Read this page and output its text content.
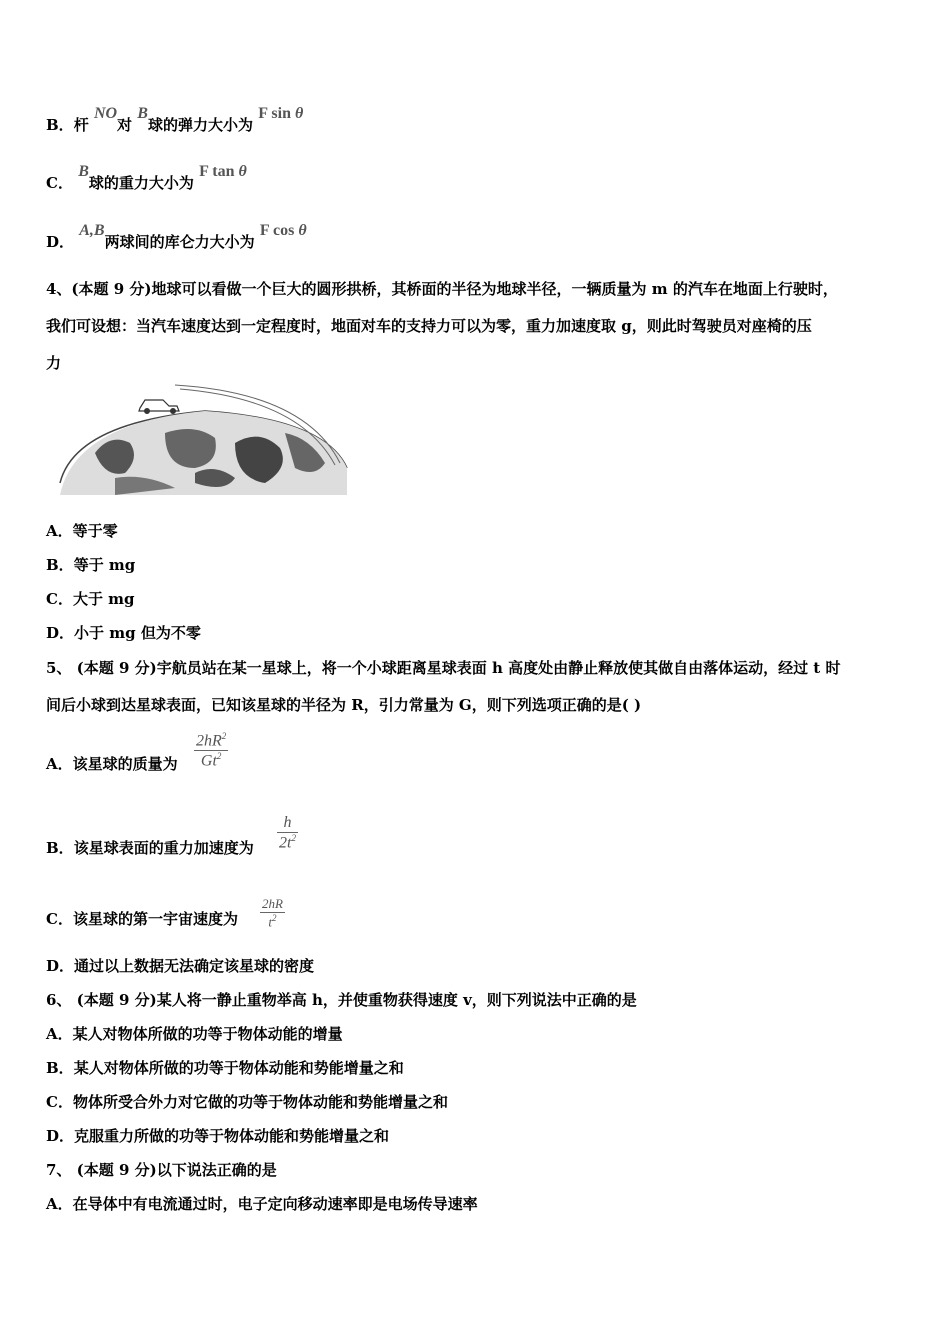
B．杆 NO对 B球的弹力大小为 F sin θ
C． B球的重力大小为 F tan θ
D． A,B两球间的库仑力大小为 F cos θ
4、(本题 9 分)地球可以看做一个巨大的圆形拱桥，其桥面的半径为地球半径，一辆质量为 m 的汽车在地面上行驶时，
我们可设想：当汽车速度达到一定程度时，地面对车的支持力可以为零，重力加速度取 g，则此时驾驶员对座椅的压
力
A．等于零
B．等于 mg
C．大于 mg
D．小于 mg 但为不零
5、 (本题 9 分)宇航员站在某一星球上，将一个小球距离星球表面 h 高度处由静止释放使其做自由落体运动，经过 t 时
间后小球到达星球表面，已知该星球的半径为 R，引力常量为 G，则下列选项正确的是( )
A．该星球的质量为 $\frac{2hR^2}{Gt^2}$
B．该星球表面的重力加速度为 $\frac{h}{2t^2}$
C．该星球的第一宇宙速度为 $\frac{2hR}{t^2}$
D．通过以上数据无法确定该星球的密度
6、 (本题 9 分)某人将一静止重物举高 h，并使重物获得速度 v，则下列说法中正确的是
A．某人对物体所做的功等于物体动能的增量
B．某人对物体所做的功等于物体动能和势能增量之和
C．物体所受合外力对它做的功等于物体动能和势能增量之和
D．克服重力所做的功等于物体动能和势能增量之和
7、 (本题 9 分)以下说法正确的是
A．在导体中有电流通过时，电子定向移动速率即是电场传导速率
